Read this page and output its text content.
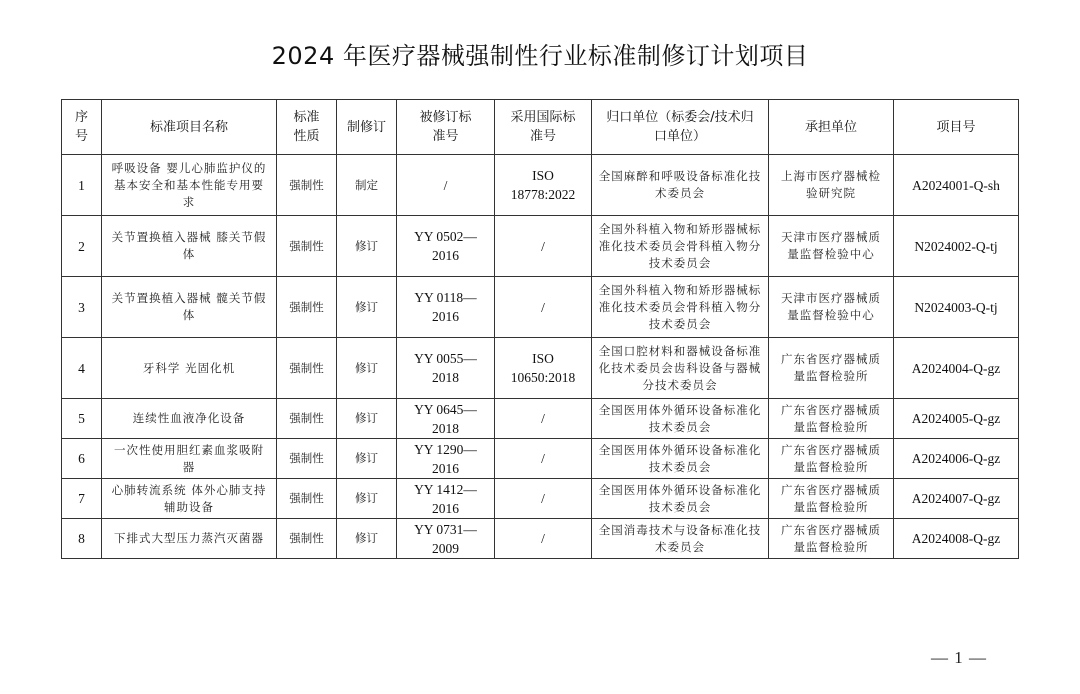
2024 年医疗器械强制性行业标准制修订计划项目
序号	标准项目名称	标准性质	制修订	被修订标准号	采用国际标准号	归口单位（标委会/技术归口单位）	承担单位	项目号
1	呼吸设备 婴儿心肺监护仪的基本安全和基本性能专用要求	强制性	制定	/	ISO 18778:2022	全国麻醉和呼吸设备标准化技术委员会	上海市医疗器械检验研究院	A2024001-Q-sh
2	关节置换植入器械 膝关节假体	强制性	修订	YY 0502—2016	/	全国外科植入物和矫形器械标准化技术委员会骨科植入物分技术委员会	天津市医疗器械质量监督检验中心	N2024002-Q-tj
3	关节置换植入器械 髋关节假体	强制性	修订	YY 0118—2016	/	全国外科植入物和矫形器械标准化技术委员会骨科植入物分技术委员会	天津市医疗器械质量监督检验中心	N2024003-Q-tj
4	牙科学 光固化机	强制性	修订	YY 0055—2018	ISO 10650:2018	全国口腔材料和器械设备标准化技术委员会齿科设备与器械分技术委员会	广东省医疗器械质量监督检验所	A2024004-Q-gz
5	连续性血液净化设备	强制性	修订	YY 0645—2018	/	全国医用体外循环设备标准化技术委员会	广东省医疗器械质量监督检验所	A2024005-Q-gz
6	一次性使用胆红素血浆吸附器	强制性	修订	YY 1290—2016	/	全国医用体外循环设备标准化技术委员会	广东省医疗器械质量监督检验所	A2024006-Q-gz
7	心肺转流系统 体外心肺支持辅助设备	强制性	修订	YY 1412—2016	/	全国医用体外循环设备标准化技术委员会	广东省医疗器械质量监督检验所	A2024007-Q-gz
8	下排式大型压力蒸汽灭菌器	强制性	修订	YY 0731—2009	/	全国消毒技术与设备标准化技术委员会	广东省医疗器械质量监督检验所	A2024008-Q-gz
— 1 —
